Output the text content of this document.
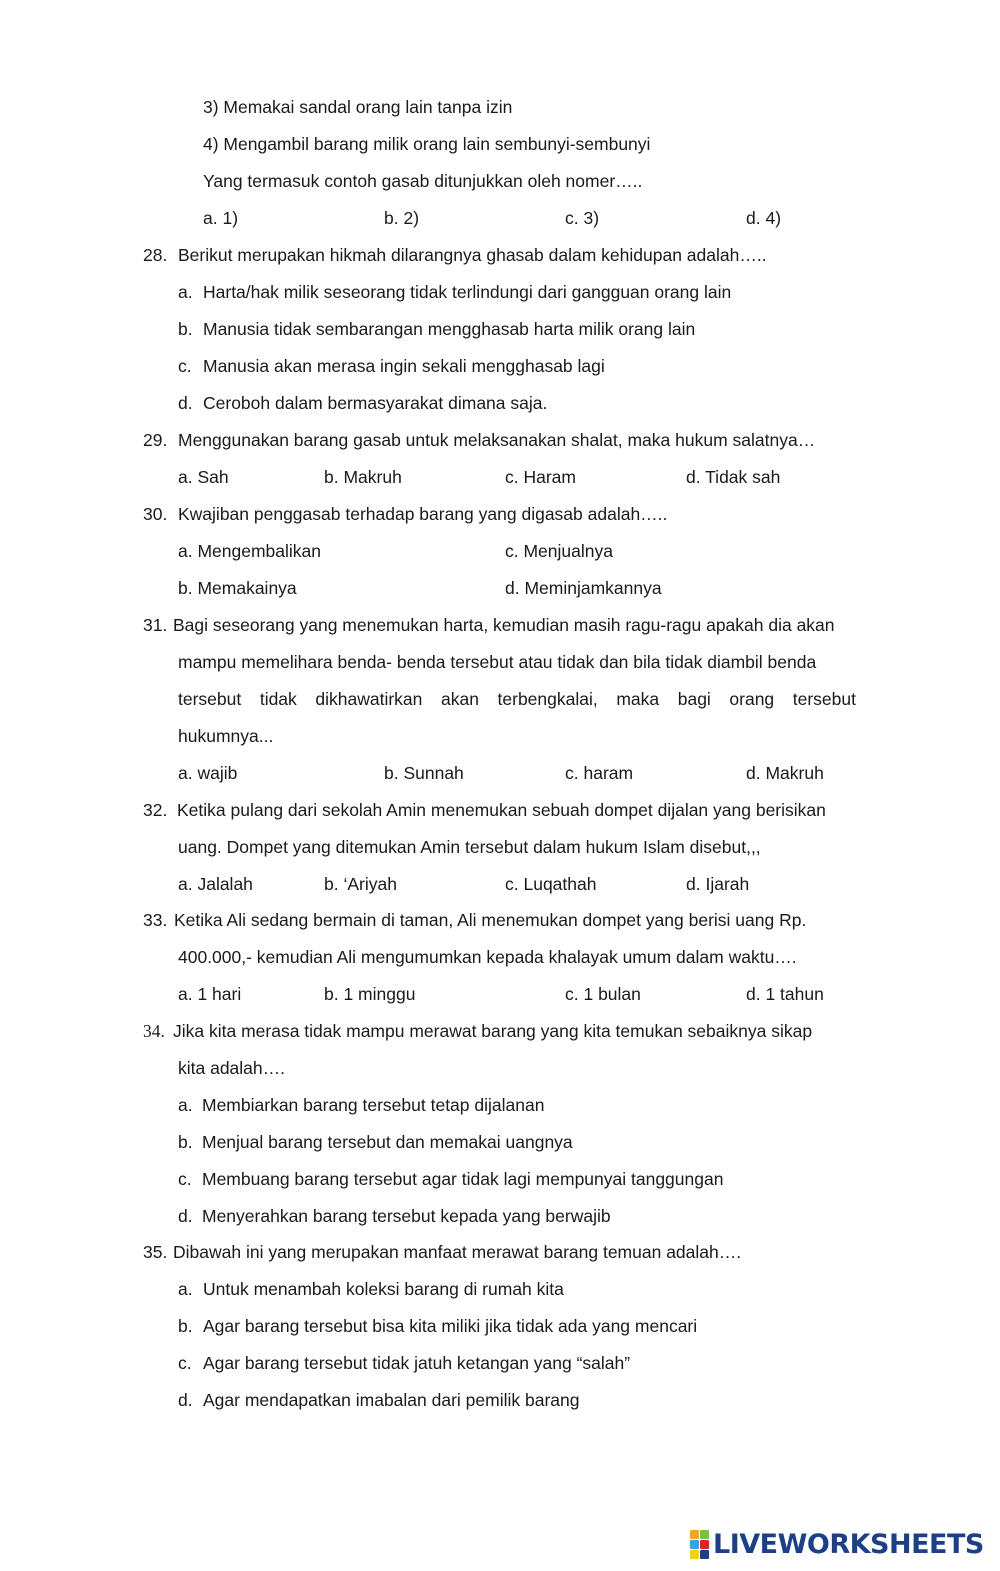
3) Memakai sandal orang lain tanpa izin
4) Mengambil barang milik orang lain sembunyi-sembunyi
Yang termasuk contoh gasab ditunjukkan oleh nomer…..
a. 1)	b. 2)	c. 3)	d. 4)
28. Berikut merupakan hikmah dilarangnya ghasab dalam kehidupan adalah…..
a. Harta/hak milik seseorang tidak terlindungi dari gangguan orang lain
b. Manusia tidak sembarangan mengghasab harta milik orang lain
c. Manusia akan merasa ingin sekali mengghasab lagi
d. Ceroboh dalam bermasyarakat dimana saja.
29. Menggunakan barang gasab untuk melaksanakan shalat, maka hukum salatnya…
a. Sah	b. Makruh	c. Haram	d. Tidak sah
30. Kwajiban penggasab terhadap barang yang digasab adalah…..
a. Mengembalikan	c. Menjualnya
b. Memakainya	d. Meminjamkannya
31. Bagi seseorang yang menemukan harta, kemudian masih ragu-ragu apakah dia akan
mampu memelihara benda- benda tersebut atau tidak dan bila tidak diambil benda
tersebut tidak dikhawatirkan akan terbengkalai, maka bagi orang tersebut
hukumnya...
a. wajib	b. Sunnah	c. haram	d. Makruh
32. Ketika pulang dari sekolah Amin menemukan sebuah dompet dijalan yang berisikan
uang. Dompet yang ditemukan Amin tersebut dalam hukum Islam disebut,,,
a. Jalalah	b. ‘Ariyah	c. Luqathah	d. Ijarah
33. Ketika Ali sedang bermain di taman, Ali menemukan dompet yang berisi uang Rp.
400.000,- kemudian Ali mengumumkan kepada khalayak umum dalam waktu….
a. 1 hari	b. 1 minggu	c. 1 bulan	d. 1 tahun
34. Jika kita merasa tidak mampu merawat barang yang kita temukan sebaiknya sikap
kita adalah….
a. Membiarkan barang tersebut tetap dijalanan
b. Menjual barang tersebut dan memakai uangnya
c. Membuang barang tersebut agar tidak lagi mempunyai tanggungan
d. Menyerahkan barang tersebut kepada yang berwajib
35. Dibawah ini yang merupakan manfaat merawat barang temuan adalah….
a. Untuk menambah koleksi barang di rumah kita
b. Agar barang tersebut bisa kita miliki jika tidak ada yang mencari
c. Agar barang tersebut tidak jatuh ketangan yang “salah”
d. Agar mendapatkan imabalan dari pemilik barang
LIVEWORKSHEETS
